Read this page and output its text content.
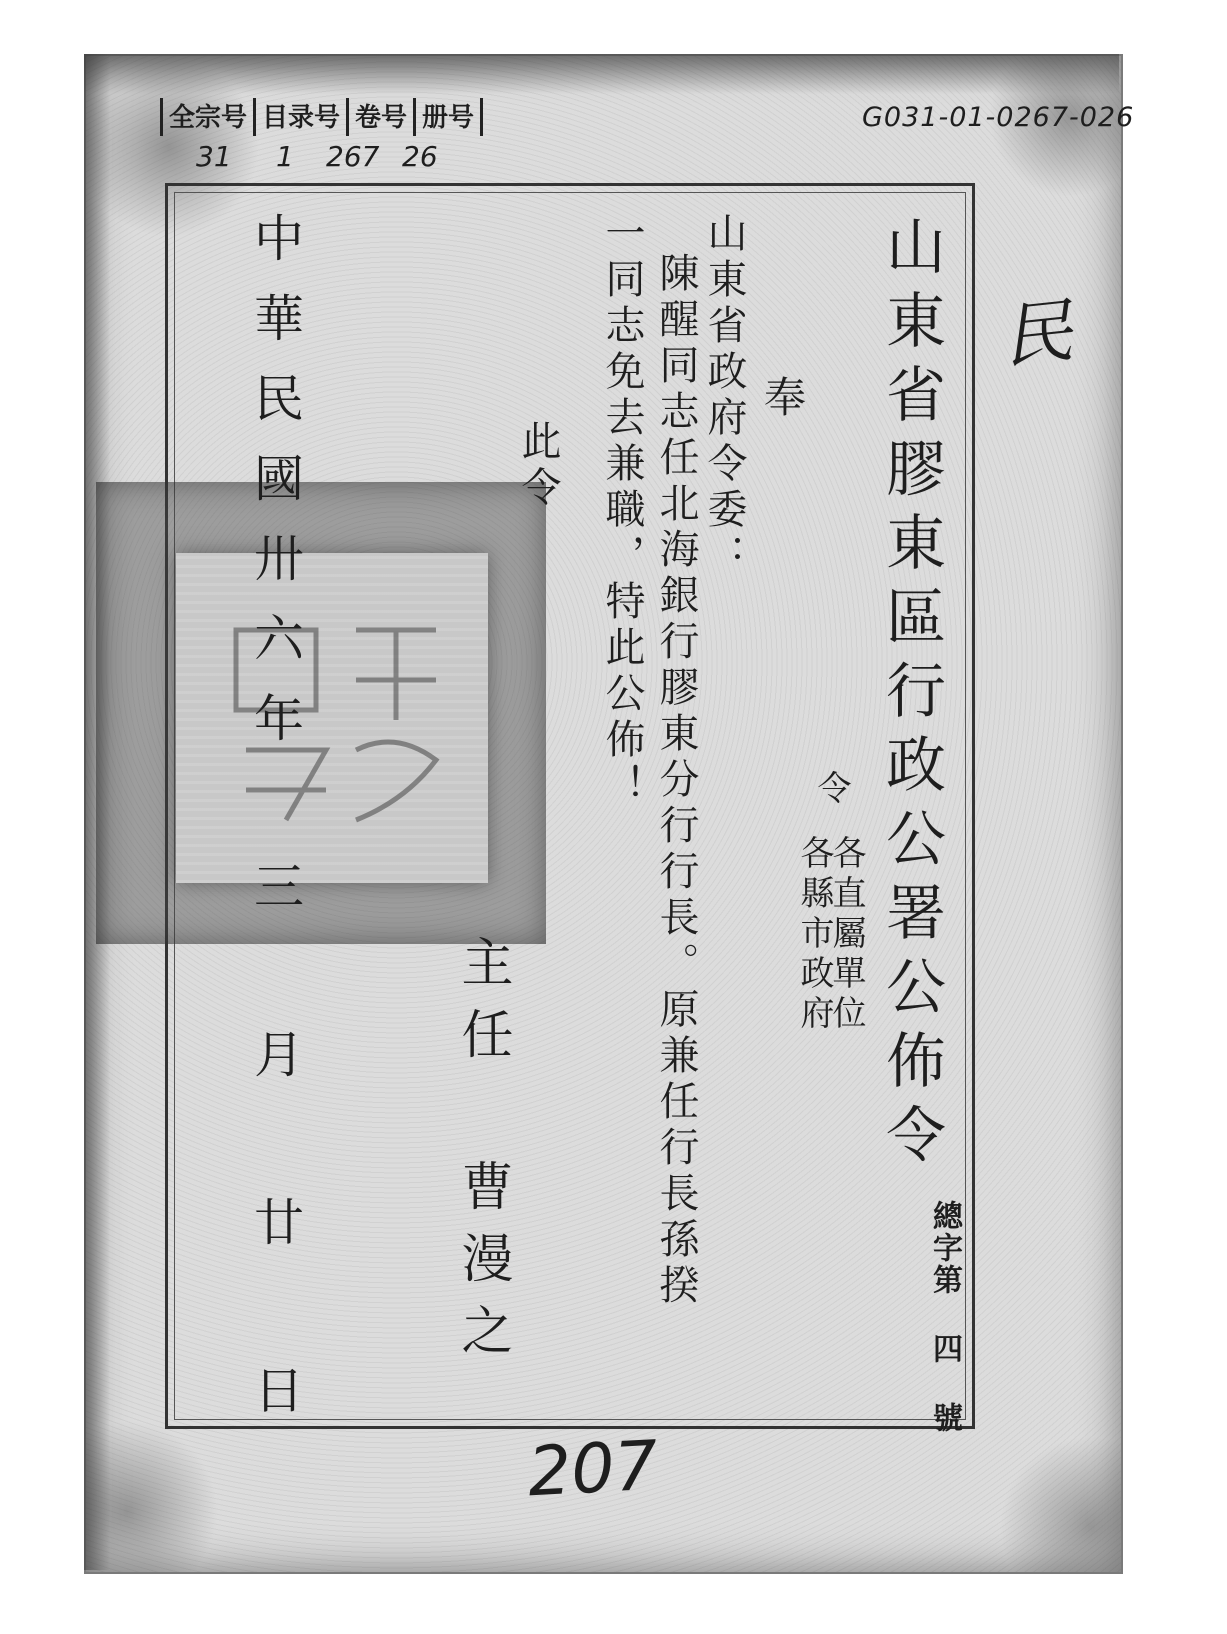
全宗号 目录号 卷号 册号
31 1 267 26
G031-01-0267-026
民
山東省膠東區行政公署公佈令
總字第 四 號
令
各直屬單位
各縣市政府
奉
山東省政府令委：
陳醒同志任北海銀行膠東分行行長。原兼任行長孫揆
一同志免去兼職，特此公佈！
此令
主任 曹漫之
中華民國卅六年 三 月 廿 日
207
